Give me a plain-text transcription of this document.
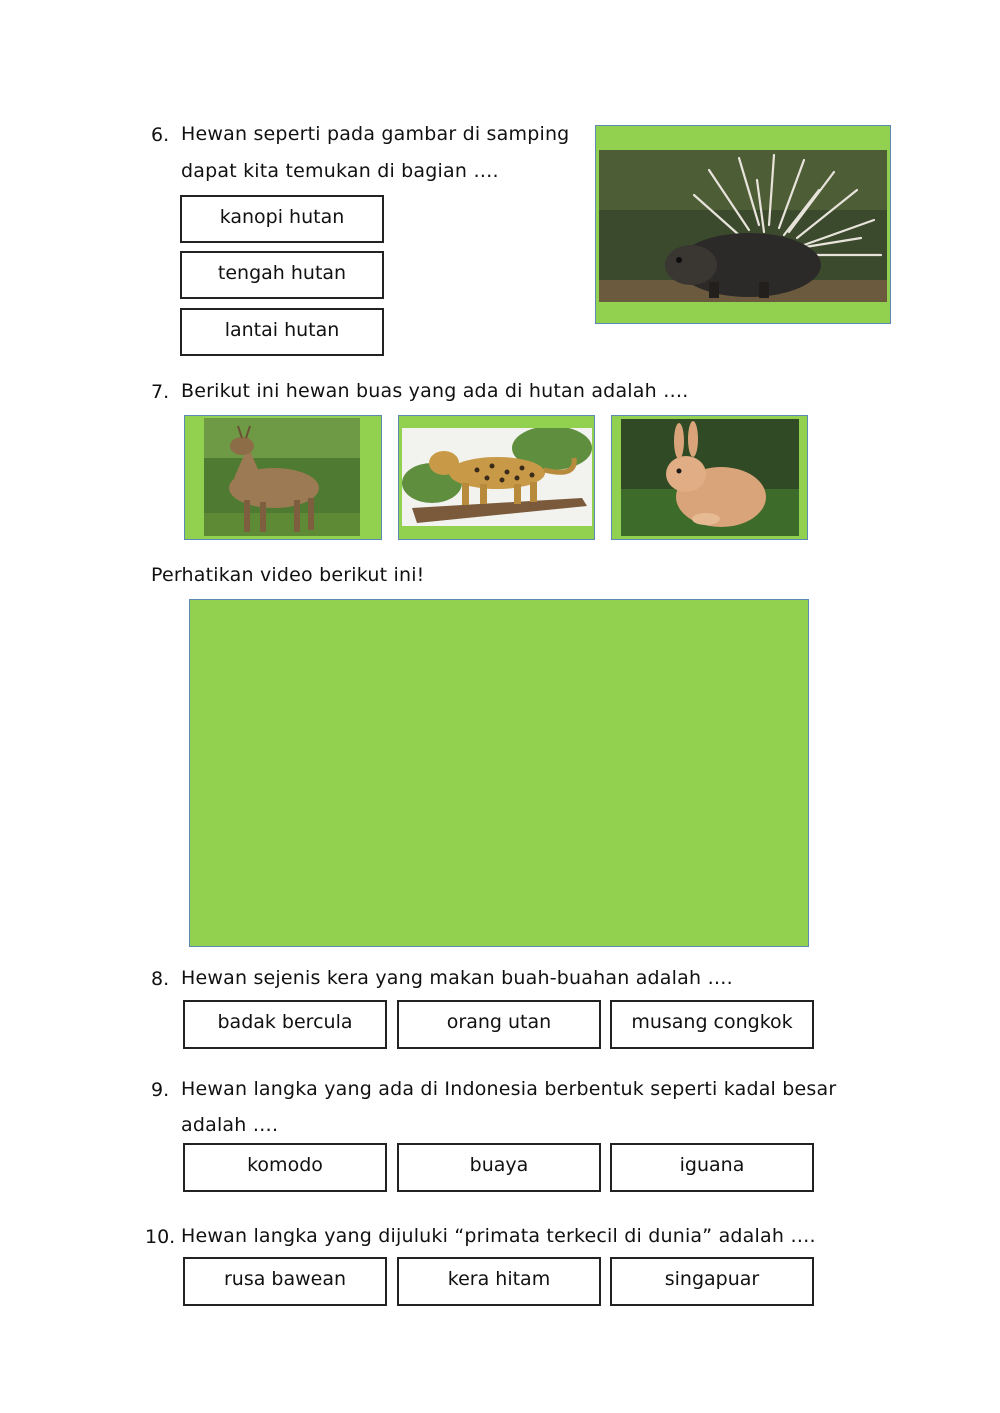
6. Hewan seperti pada gambar di samping
dapat kita temukan di bagian ….
kanopi hutan
tengah hutan
lantai hutan
7. Berikut ini hewan buas yang ada di hutan adalah ….
Perhatikan video berikut ini!
8. Hewan sejenis kera yang makan buah-buahan adalah ….
badak bercula	orang utan	musang congkok
9. Hewan langka yang ada di Indonesia berbentuk seperti kadal besar
adalah ….
komodo	buaya	iguana
10. Hewan langka yang dijuluki “primata terkecil di dunia” adalah ….
rusa bawean	kera hitam	singapuar
